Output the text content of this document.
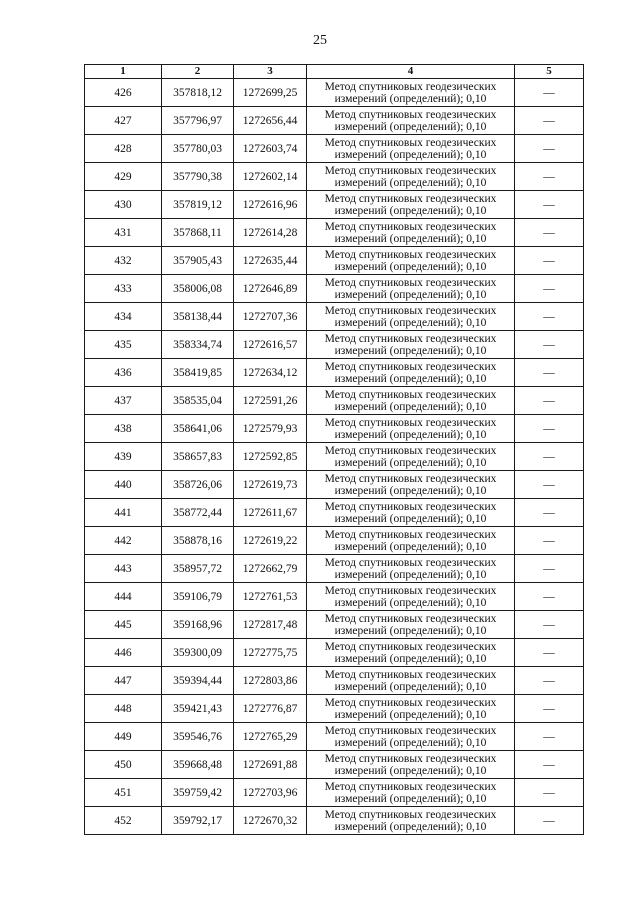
25
1	2	3	4	5
426	357818,12	1272699,25	Метод спутниковых геодезических
измерений (определений); 0,10	—
427	357796,97	1272656,44	Метод спутниковых геодезических
измерений (определений); 0,10	—
428	357780,03	1272603,74	Метод спутниковых геодезических
измерений (определений); 0,10	—
429	357790,38	1272602,14	Метод спутниковых геодезических
измерений (определений); 0,10	—
430	357819,12	1272616,96	Метод спутниковых геодезических
измерений (определений); 0,10	—
431	357868,11	1272614,28	Метод спутниковых геодезических
измерений (определений); 0,10	—
432	357905,43	1272635,44	Метод спутниковых геодезических
измерений (определений); 0,10	—
433	358006,08	1272646,89	Метод спутниковых геодезических
измерений (определений); 0,10	—
434	358138,44	1272707,36	Метод спутниковых геодезических
измерений (определений); 0,10	—
435	358334,74	1272616,57	Метод спутниковых геодезических
измерений (определений); 0,10	—
436	358419,85	1272634,12	Метод спутниковых геодезических
измерений (определений); 0,10	—
437	358535,04	1272591,26	Метод спутниковых геодезических
измерений (определений); 0,10	—
438	358641,06	1272579,93	Метод спутниковых геодезических
измерений (определений); 0,10	—
439	358657,83	1272592,85	Метод спутниковых геодезических
измерений (определений); 0,10	—
440	358726,06	1272619,73	Метод спутниковых геодезических
измерений (определений); 0,10	—
441	358772,44	1272611,67	Метод спутниковых геодезических
измерений (определений); 0,10	—
442	358878,16	1272619,22	Метод спутниковых геодезических
измерений (определений); 0,10	—
443	358957,72	1272662,79	Метод спутниковых геодезических
измерений (определений); 0,10	—
444	359106,79	1272761,53	Метод спутниковых геодезических
измерений (определений); 0,10	—
445	359168,96	1272817,48	Метод спутниковых геодезических
измерений (определений); 0,10	—
446	359300,09	1272775,75	Метод спутниковых геодезических
измерений (определений); 0,10	—
447	359394,44	1272803,86	Метод спутниковых геодезических
измерений (определений); 0,10	—
448	359421,43	1272776,87	Метод спутниковых геодезических
измерений (определений); 0,10	—
449	359546,76	1272765,29	Метод спутниковых геодезических
измерений (определений); 0,10	—
450	359668,48	1272691,88	Метод спутниковых геодезических
измерений (определений); 0,10	—
451	359759,42	1272703,96	Метод спутниковых геодезических
измерений (определений); 0,10	—
452	359792,17	1272670,32	Метод спутниковых геодезических
измерений (определений); 0,10	—
